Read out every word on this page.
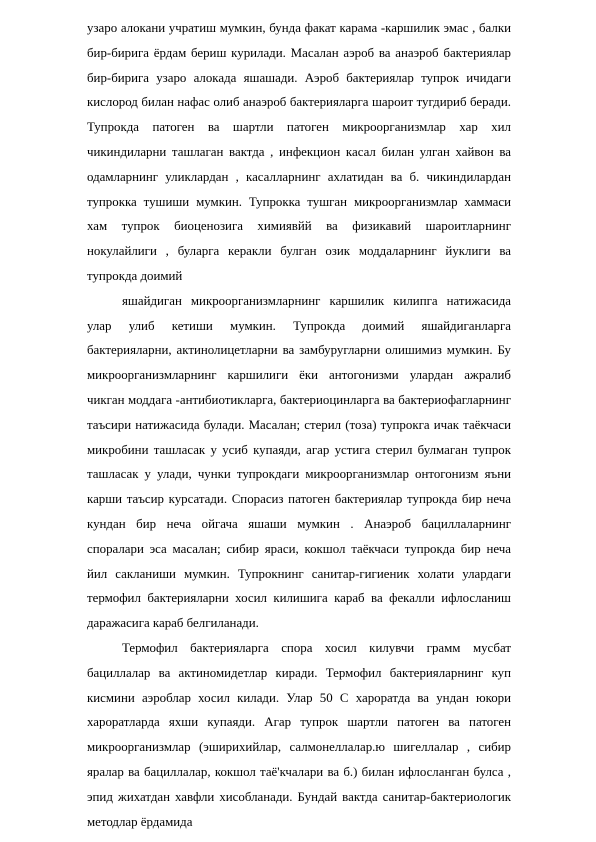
узаро алокани учратиш мумкин, бунда факат карама -каршилик эмас , балки бир-бирига ёрдам бериш курилади. Масалан аэроб ва анаэроб бактериялар бир-бирига узаро алокада яшашади. Аэроб бактериялар тупрок ичидаги кислород билан нафас олиб анаэроб бактерияларга шароит тугдириб беради. Тупрокда патоген ва шартли патоген микроорганизмлар хар хил чикиндиларни ташлаган вактда , инфекцион касал билан улган хайвон ва одамларнинг уликлардан , касалларнинг ахлатидан ва б. чикиндилардан тупрокка тушиши мумкин. Тупрокка тушган микроорганизмлар хаммаси хам тупрок биоценозига химиявйй ва физикавий шароитларнинг нокулайлиги , буларга керакли булган озик моддаларнинг йуклиги ва тупрокда доимий

яшайдиган микроорганизмларнинг каршилик килипга натижасида улар улиб кетиши мумкин. Тупрокда доимий яшайдиганларга бактерияларни, актинолицетларни ва замбуругларни олишимиз мумкин. Бу микроорганизмларнинг каршилиги ёки антогонизми улардан ажралиб чикган моддага -антибиотикларга, бактериоцинларга ва бактериофагларнинг таъсири натижасида булади. Масалан; стерил (тоза) тупрокга ичак таёкчаси микробини ташласак у усиб купаяди, агар устига стерил булмаган тупрок ташласак у улади, чунки тупрокдаги микроорганизмлар онтогонизм яъни карши таъсир курсатади. Спорасиз патоген бактериялар тупрокда бир неча кундан бир неча ойгача яшаши мумкин . Анаэроб бациллаларнинг споралари эса масалан; сибир яраси, кокшол таёкчаси тупрокда бир неча йил сакланиши мумкин. Тупрокнинг санитар-гигиеник холати улардаги термофил бактерияларни хосил килишига караб ва фекалли ифлосланиш даражасига караб белгиланади.

Термофил бактерияларга спора хосил килувчи грамм мусбат бациллалар ва актиномидетлар киради. Термофил бактерияларнинг куп кисмини аэроблар хосил килади. Улар 50 С хароратда ва ундан юкори хароратларда яхши купаяди. Агар тупрок шартли патоген ва патоген микроорганизмлар (эширихийлар, салмонеллалар.ю шигеллалар , сибир яралар ва бациллалар, кокшол таё'кчалари ва б.) билан ифлосланган булса , эпид жихатдан хавфли хисобланади. Бундай вактда санитар-бактериологик методлар ёрдамида
